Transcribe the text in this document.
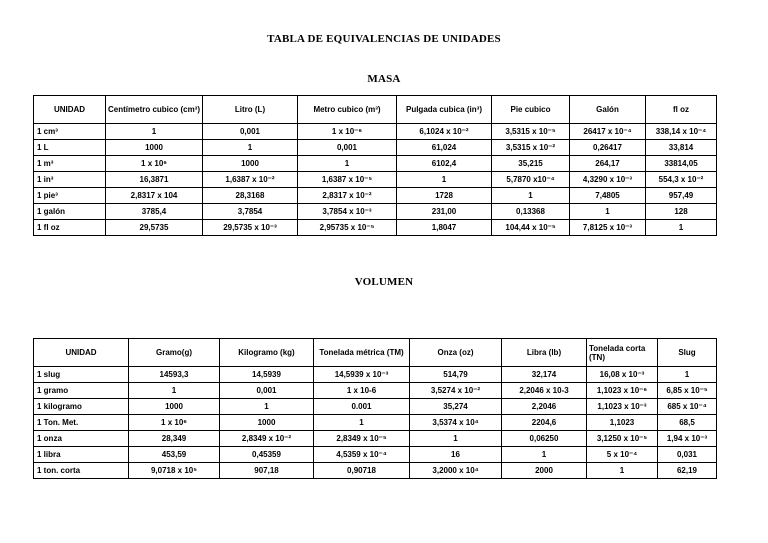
TABLA DE EQUIVALENCIAS DE UNIDADES
MASA
UNIDAD	Centímetro cubico (cm³)	Litro (L)	Metro cubico (m³)	Pulgada cubica (in³)	Pie cubico	Galón	fl oz
1 cm³	1	0,001	1 x 10⁻⁶	6,1024 x 10⁻²	3,5315 x 10⁻⁵	26417 x 10⁻⁴	338,14 x 10⁻⁴
1 L	1000	1	0,001	61,024	3,5315 x 10⁻²	0,26417	33,814
1 m³	1 x 10⁶	1000	1	6102,4	35,215	264,17	33814,05
1 in³	16,3871	1,6387 x 10⁻²	1,6387 x 10⁻⁵	1	5,7870 x10⁻⁴	4,3290 x 10⁻³	554,3 x 10⁻²
1 pie³	2,8317 x 104	28,3168	2,8317 x 10⁻²	1728	1	7,4805	957,49
1 galón	3785,4	3,7854	3,7854 x 10⁻³	231,00	0,13368	1	128
1 fl oz	29,5735	29,5735 x 10⁻³	2,95735 x 10⁻⁵	1,8047	104,44 x 10⁻⁵	7,8125 x 10⁻³	1
VOLUMEN
UNIDAD	Gramo(g)	Kilogramo (kg)	Tonelada métrica (TM)	Onza (oz)	Libra (lb)	Tonelada corta (TN)	Slug
1 slug	14593,3	14,5939	14,5939 x 10⁻³	514,79	32,174	16,08 x 10⁻³	1
1 gramo	1	0,001	1 x 10-6	3,5274 x 10⁻²	2,2046 x 10-3	1,1023 x 10⁻⁶	6,85 x 10⁻⁵
1 kilogramo	1000	1	0.001	35,274	2,2046	1,1023 x 10⁻³	685 x 10⁻⁴
1 Ton. Met.	1 x 10⁶	1000	1	3,5374 x 10⁴	2204,6	1,1023	68,5
1 onza	28,349	2,8349 x 10⁻²	2,8349 x 10⁻⁵	1	0,06250	3,1250 x 10⁻⁵	1,94 x 10⁻³
1 libra	453,59	0,45359	4,5359 x 10⁻⁴	16	1	5 x 10⁻⁴	0,031
1 ton. corta	9,0718 x 10⁵	907,18	0,90718	3,2000 x 10⁴	2000	1	62,19
